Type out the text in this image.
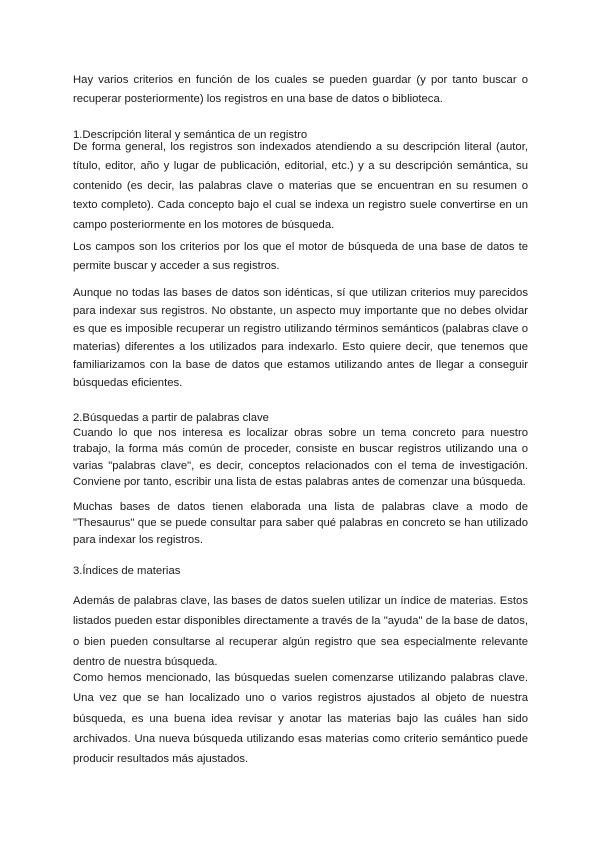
Hay varios criterios en función de los cuales se pueden guardar (y por tanto buscar o recuperar posteriormente) los registros en una base de datos o biblioteca.

1.Descripción literal y semántica de un registro

De forma general, los registros son indexados atendiendo a su descripción literal (autor, título, editor, año y lugar de publicación, editorial, etc.) y a su descripción semántica, su contenido (es decir, las palabras clave o materias que se encuentran en su resumen o texto completo). Cada concepto bajo el cual se indexa un registro suele convertirse en un campo posteriormente en los motores de búsqueda.

Los campos son los criterios por los que el motor de búsqueda de una base de datos te permite buscar y acceder a sus registros.

Aunque no todas las bases de datos son idénticas, sí que utilizan criterios muy parecidos para indexar sus registros. No obstante, un aspecto muy importante que no debes olvidar es que es imposible recuperar un registro utilizando términos semánticos (palabras clave o materias) diferentes a los utilizados para indexarlo. Esto quiere decir, que tenemos que familiarizamos con la base de datos que estamos utilizando antes de llegar a conseguir búsquedas eficientes.

2.Búsquedas a partir de palabras clave

Cuando lo que nos interesa es localizar obras sobre un tema concreto para nuestro trabajo, la forma más común de proceder, consiste en buscar registros utilizando una o varias "palabras clave", es decir, conceptos relacionados con el tema de investigación. Conviene por tanto, escribir una lista de estas palabras antes de comenzar una búsqueda.

Muchas bases de datos tienen elaborada una lista de palabras clave a modo de "Thesaurus" que se puede consultar para saber qué palabras en concreto se han utilizado para indexar los registros.

3.Índices de materias

Además de palabras clave, las bases de datos suelen utilizar un índice de materias. Estos listados pueden estar disponibles directamente a través de la "ayuda" de la base de datos, o bien pueden consultarse al recuperar algún registro que sea especialmente relevante dentro de nuestra búsqueda.

Como hemos mencionado, las búsquedas suelen comenzarse utilizando palabras clave. Una vez que se han localizado uno o varios registros ajustados al objeto de nuestra búsqueda, es una buena idea revisar y anotar las materias bajo las cuáles han sido archivados. Una nueva búsqueda utilizando esas materias como criterio semántico puede producir resultados más ajustados.
